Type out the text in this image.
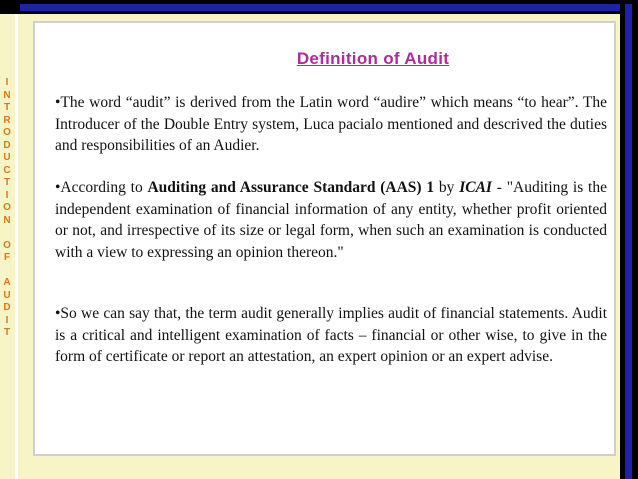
I
N
T
R
O
D
U
C
T
I
O
N
O
F
A
U
D
I
T
Definition of Audit
•The word “audit” is derived from the Latin word “audire” which means “to hear”. The Introducer of the Double Entry system, Luca pacialo mentioned and descrived the duties and responsibilities of an Audier.
•According to Auditing and Assurance Standard (AAS) 1 by ICAI - "Auditing is the independent examination of financial information of any entity, whether profit oriented or not, and irrespective of its size or legal form, when such an examination is conducted with a view to expressing an opinion thereon."
•So we can say that, the term audit generally implies audit of financial statements. Audit is a critical and intelligent examination of facts – financial or other wise, to give in the form of certificate or report an attestation, an expert opinion or an expert advise.
